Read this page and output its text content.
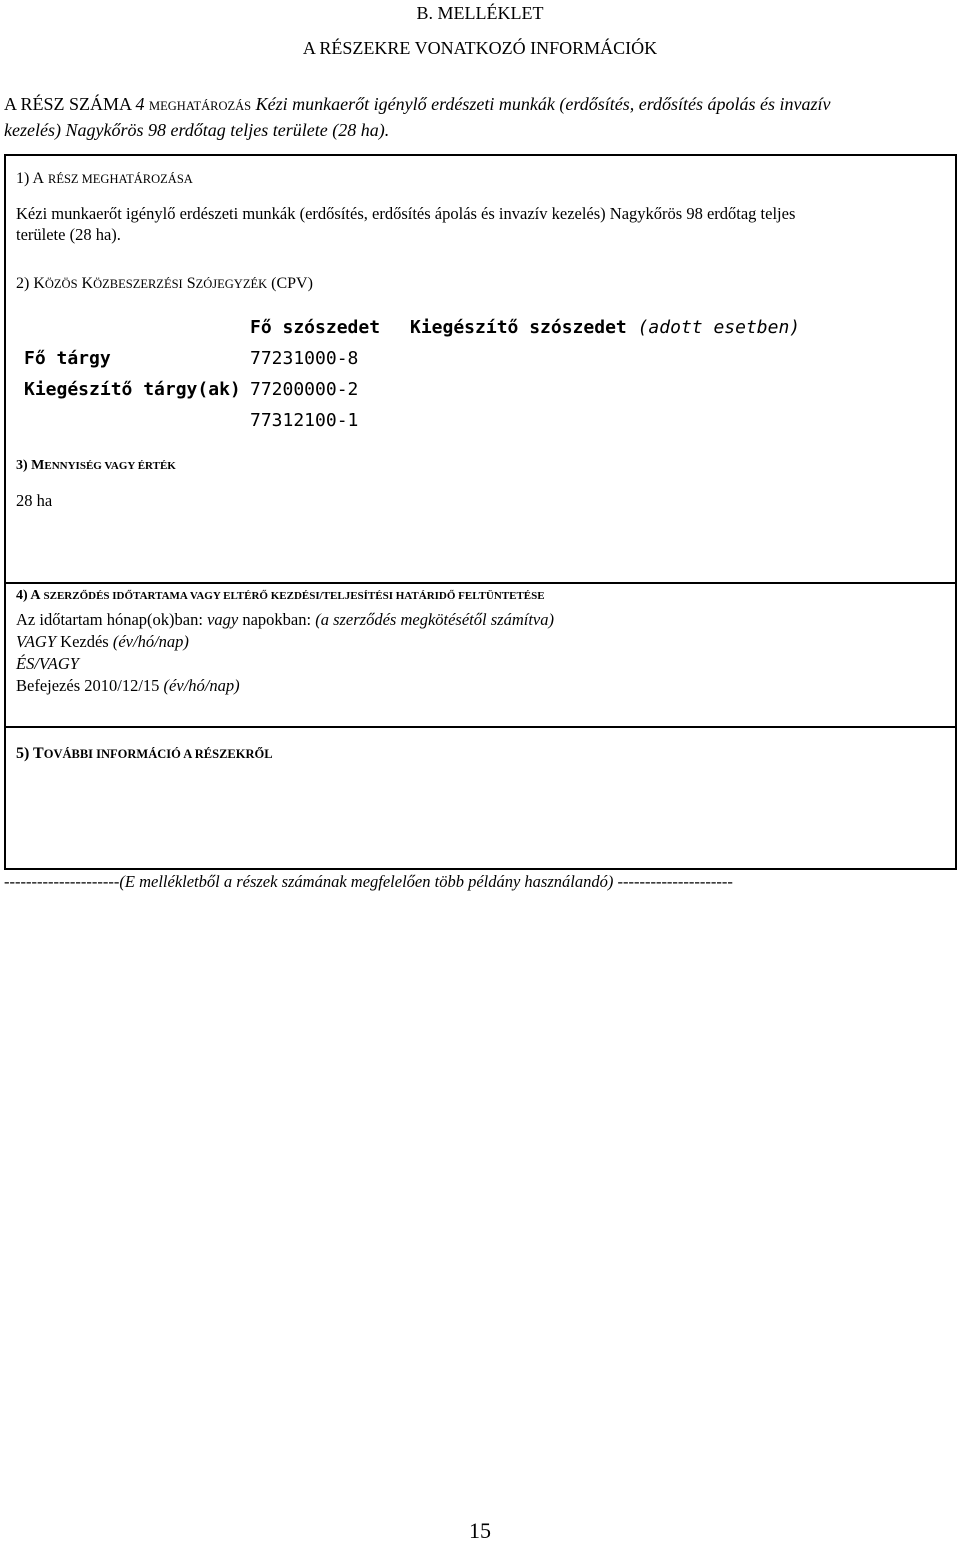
B. MELLÉKLET
A RÉSZEKRE VONATKOZÓ INFORMÁCIÓK
A RÉSZ SZÁMA 4 MEGHATÁROZÁS Kézi munkaerőt igénylő erdészeti munkák (erdősítés, erdősítés ápolás és invazív
kezelés) Nagykőrös 98 erdőtag teljes területe (28 ha).
1) A RÉSZ MEGHATÁROZÁSA
Kézi munkaerőt igénylő erdészeti munkák (erdősítés, erdősítés ápolás és invazív kezelés) Nagykőrös 98 erdőtag teljes
területe (28 ha).
2) KÖZÖS KÖZBESZERZÉSI SZÓJEGYZÉK (CPV)
Fő szószedet Kiegészítő szószedet (adott esetben)
Fő tárgy	77231000-8
Kiegészítő tárgy(ak) 77200000-2
77312100-1
3) MENNYISÉG VAGY ÉRTÉK
28 ha
4) A SZERZŐDÉS IDŐTARTAMA VAGY ELTÉRŐ KEZDÉSI/TELJESÍTÉSI HATÁRIDŐ FELTÜNTETÉSE
Az időtartam hónap(ok)ban: vagy napokban: (a szerződés megkötésétől számítva)
VAGY Kezdés (év/hó/nap)
ÉS/VAGY
Befejezés 2010/12/15 (év/hó/nap)
5) TOVÁBBI INFORMÁCIÓ A RÉSZEKRŐL
---------------------(E mellékletből a részek számának megfelelően több példány használandó) ---------------------
15
